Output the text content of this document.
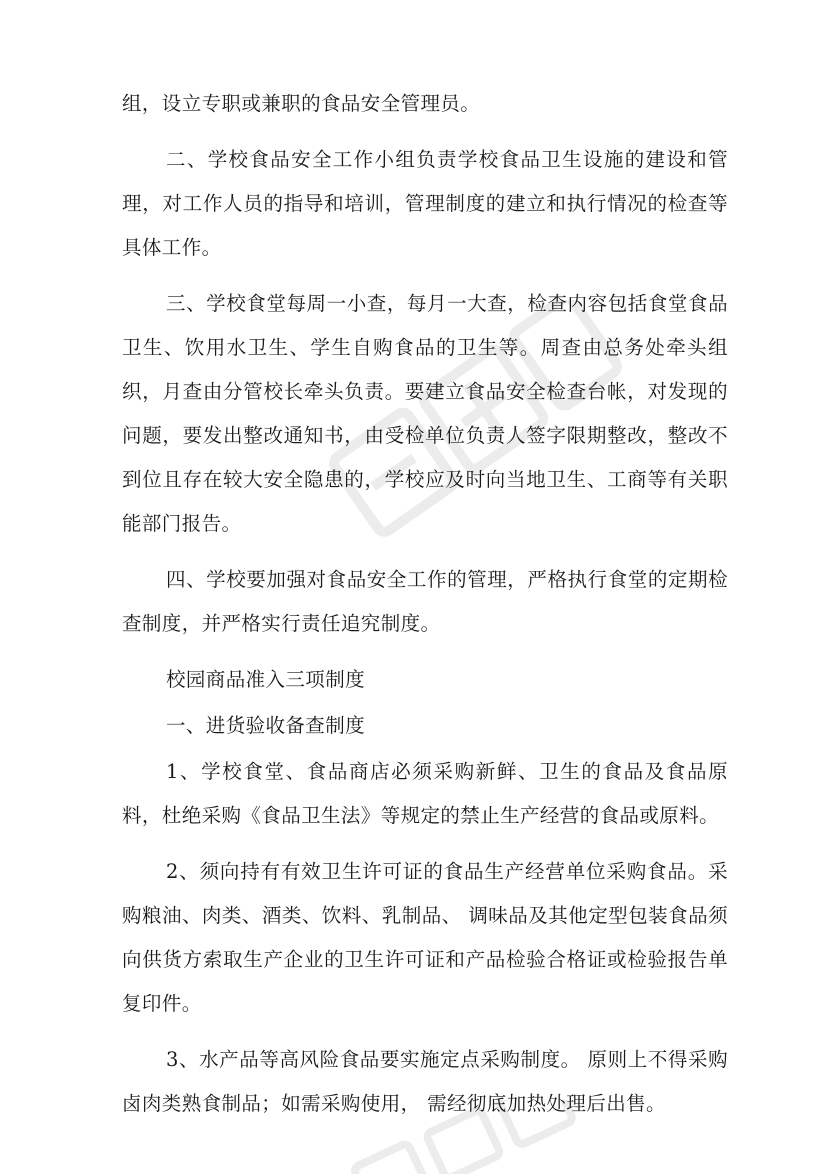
组，设立专职或兼职的食品安全管理员。

二、学校食品安全工作小组负责学校食品卫生设施的建设和管理，对工作人员的指导和培训，管理制度的建立和执行情况的检查等具体工作。

三、学校食堂每周一小查，每月一大查，检查内容包括食堂食品卫生、饮用水卫生、学生自购食品的卫生等。周查由总务处牵头组织，月查由分管校长牵头负责。要建立食品安全检查台帐，对发现的问题，要发出整改通知书，由受检单位负责人签字限期整改，整改不到位且存在较大安全隐患的，学校应及时向当地卫生、工商等有关职能部门报告。

四、学校要加强对食品安全工作的管理，严格执行食堂的定期检查制度，并严格实行责任追究制度。

校园商品准入三项制度

一、进货验收备查制度

1、学校食堂、食品商店必须采购新鲜、卫生的食品及食品原料，杜绝采购《食品卫生法》等规定的禁止生产经营的食品或原料。

2、须向持有有效卫生许可证的食品生产经营单位采购食品。采购粮油、肉类、酒类、饮料、乳制品、 调味品及其他定型包装食品须向供货方索取生产企业的卫生许可证和产品检验合格证或检验报告单复印件。

3、水产品等高风险食品要实施定点采购制度。 原则上不得采购卤肉类熟食制品；如需采购使用， 需经彻底加热处理后出售。
